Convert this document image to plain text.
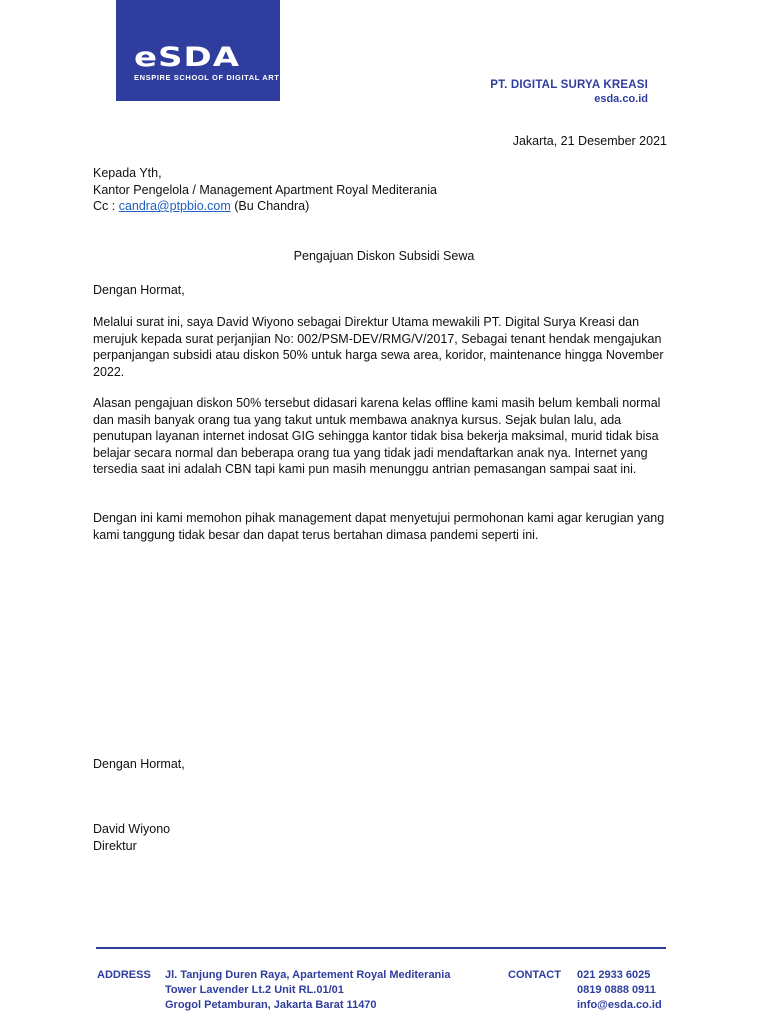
eSDA
ENSPIRE SCHOOL OF DIGITAL ART
PT. DIGITAL SURYA KREASI
esda.co.id
Jakarta, 21 Desember 2021
Kepada Yth,
Kantor Pengelola / Management Apartment Royal Mediterania
Cc : candra@ptpbio.com (Bu Chandra)
Pengajuan Diskon Subsidi Sewa
Dengan Hormat,
Melalui surat ini, saya David Wiyono sebagai Direktur Utama mewakili PT. Digital Surya Kreasi dan merujuk kepada surat perjanjian No: 002/PSM-DEV/RMG/V/2017, Sebagai tenant hendak mengajukan perpanjangan subsidi atau diskon 50% untuk harga sewa area, koridor, maintenance hingga November 2022.
Alasan pengajuan diskon 50% tersebut didasari karena kelas offline kami masih belum kembali normal dan masih banyak orang tua yang takut untuk membawa anaknya kursus. Sejak bulan lalu, ada penutupan layanan internet indosat GIG sehingga kantor tidak bisa bekerja maksimal, murid tidak bisa belajar secara normal dan beberapa orang tua yang tidak jadi mendaftarkan anak nya. Internet yang tersedia saat ini adalah CBN tapi kami pun masih menunggu antrian pemasangan sampai saat ini.
Dengan ini kami memohon pihak management dapat menyetujui permohonan kami agar kerugian yang kami tanggung tidak besar dan dapat terus bertahan dimasa pandemi seperti ini.
Dengan Hormat,
David Wiyono
Direktur
ADDRESS Jl. Tanjung Duren Raya, Apartement Royal Mediterania
Tower Lavender Lt.2 Unit RL.01/01
Grogol Petamburan, Jakarta Barat 11470
CONTACT 021 2933 6025
0819 0888 0911
info@esda.co.id
